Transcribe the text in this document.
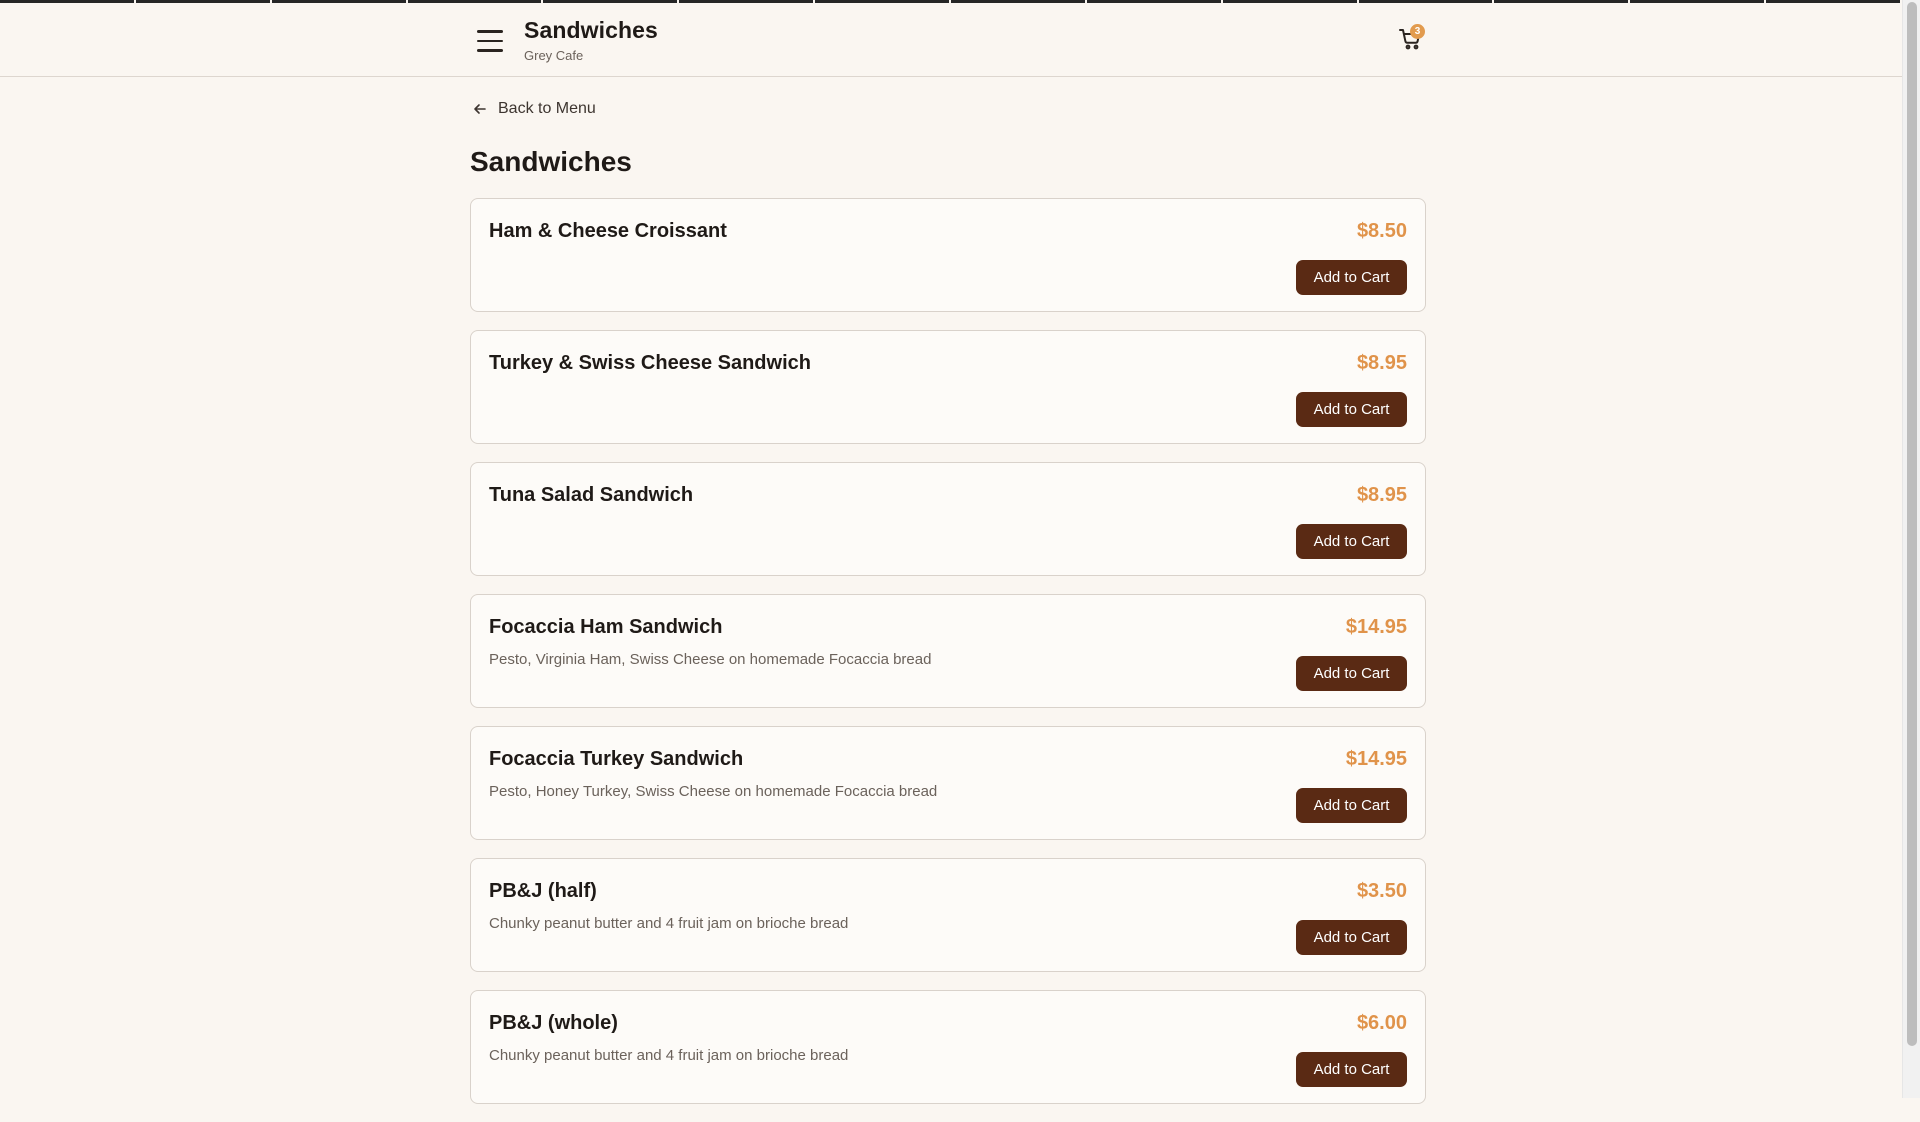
Sandwiches
Grey Cafe
3
Back to Menu
Sandwiches
Ham & Cheese Croissant	$8.50
Add to Cart
Turkey & Swiss Cheese Sandwich	$8.95
Add to Cart
Tuna Salad Sandwich	$8.95
Add to Cart
Focaccia Ham Sandwich
Pesto, Virginia Ham, Swiss Cheese on homemade Focaccia bread
$14.95
Add to Cart
Focaccia Turkey Sandwich
Pesto, Honey Turkey, Swiss Cheese on homemade Focaccia bread
$14.95
Add to Cart
PB&J (half)
Chunky peanut butter and 4 fruit jam on brioche bread
$3.50
Add to Cart
PB&J (whole)
Chunky peanut butter and 4 fruit jam on brioche bread
$6.00
Add to Cart
